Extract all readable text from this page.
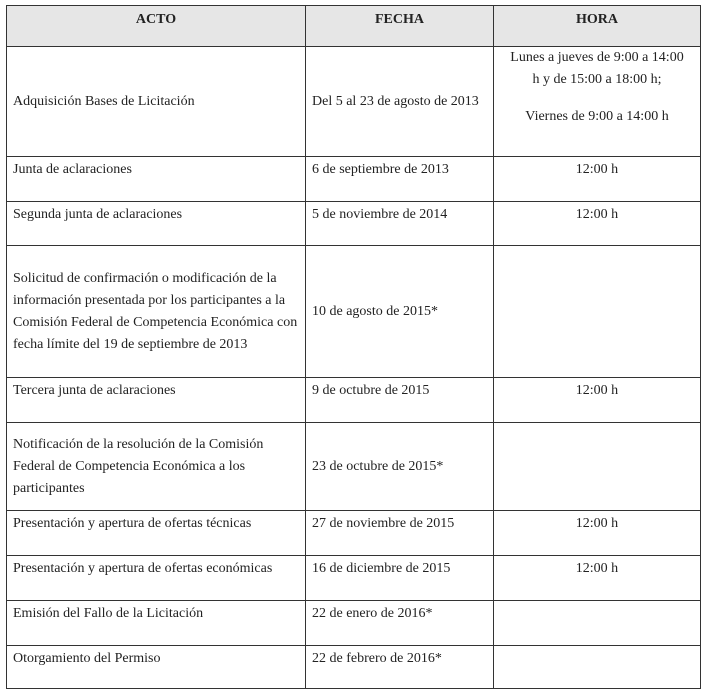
ACTO	FECHA	HORA
Adquisición Bases de Licitación	Del 5 al 23 de agosto de 2013	Lunes a jueves de 9:00 a 14:00
h y de 15:00 a 18:00 h;
Viernes de 9:00 a 14:00 h

Junta de aclaraciones	6 de septiembre de 2013	12:00 h
Segunda junta de aclaraciones	5 de noviembre de 2014	12:00 h
Solicitud de confirmación o modificación de la información presentada por los participantes a la Comisión Federal de Competencia Económica con fecha límite del 19 de septiembre de 2013	10 de agosto de 2015*	
Tercera junta de aclaraciones	9 de octubre de 2015	12:00 h
Notificación de la resolución de la Comisión Federal de Competencia Económica a los participantes	23 de octubre de 2015*	
Presentación y apertura de ofertas técnicas	27 de noviembre de 2015	12:00 h
Presentación y apertura de ofertas económicas	16 de diciembre de 2015	12:00 h
Emisión del Fallo de la Licitación	22 de enero de 2016*	
Otorgamiento del Permiso	22 de febrero de 2016*	
